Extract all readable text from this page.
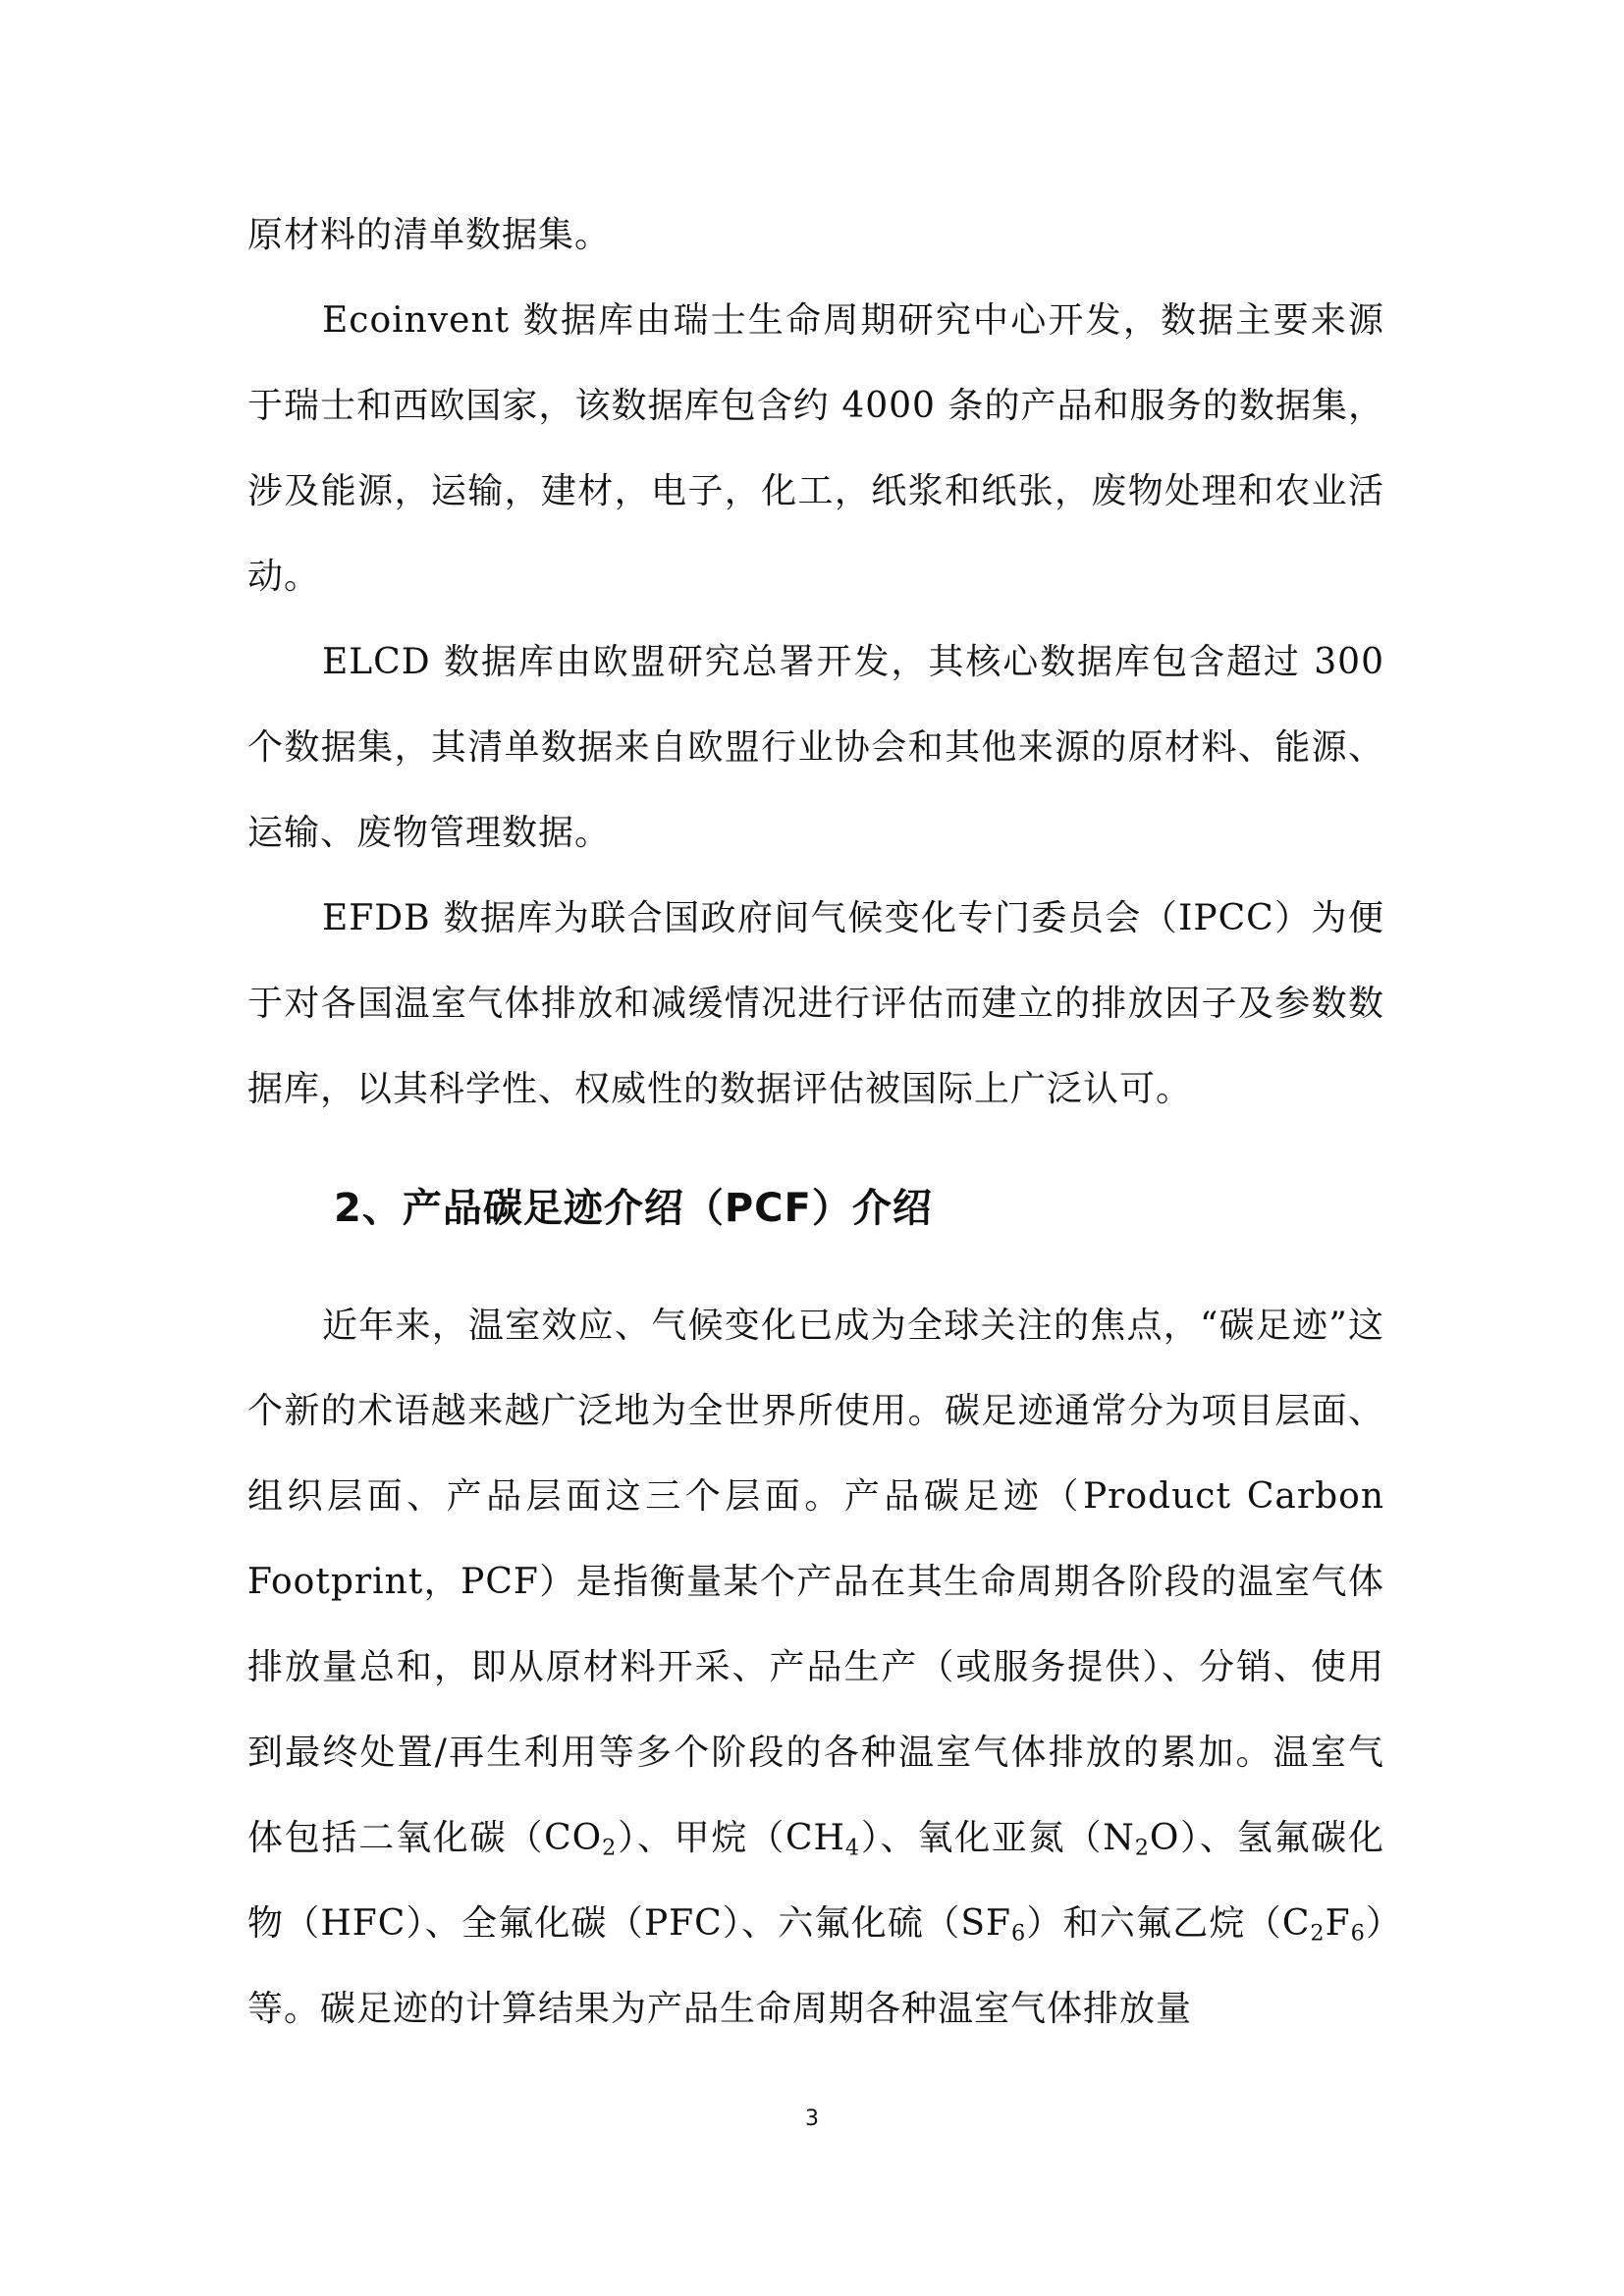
原材料的清单数据集。

Ecoinvent 数据库由瑞士生命周期研究中心开发，数据主要来源于瑞士和西欧国家，该数据库包含约 4000 条的产品和服务的数据集，涉及能源，运输，建材，电子，化工，纸浆和纸张，废物处理和农业活动。

ELCD 数据库由欧盟研究总署开发，其核心数据库包含超过 300 个数据集，其清单数据来自欧盟行业协会和其他来源的原材料、能源、运输、废物管理数据。

EFDB 数据库为联合国政府间气候变化专门委员会（IPCC）为便于对各国温室气体排放和减缓情况进行评估而建立的排放因子及参数数据库，以其科学性、权威性的数据评估被国际上广泛认可。

2、产品碳足迹介绍（PCF）介绍

近年来，温室效应、气候变化已成为全球关注的焦点，“碳足迹”这个新的术语越来越广泛地为全世界所使用。碳足迹通常分为项目层面、组织层面、产品层面这三个层面。产品碳足迹（Product Carbon Footprint，PCF）是指衡量某个产品在其生命周期各阶段的温室气体排放量总和，即从原材料开采、产品生产（或服务提供）、分销、使用到最终处置/再生利用等多个阶段的各种温室气体排放的累加。温室气体包括二氧化碳$(CO_2)$、甲烷$(CH_4)$、氧化亚氮$(N_2O)$、氢氟碳化物（HFC）、全氟化碳（PFC）、六氟化硫$(SF_6)$和六氟乙烷$(C_2F_6)$等。碳足迹的计算结果为产品生命周期各种温室气体排放量

3
